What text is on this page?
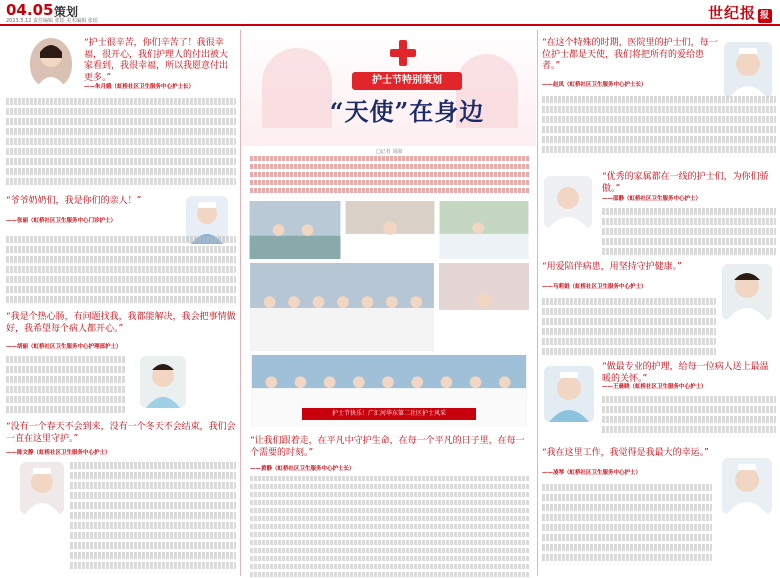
04.05 策划
2023.5.12 责任编辑 张瑶 美术编辑 张瑶	世纪报 报
“护士很辛苦，你们辛苦了！我很幸福，很开心，我们护理人的付出被大家看到，我很幸福，所以我愿意付出更多。”
——朱月娥（虹桥社区卫生服务中心护士长）
“爷爷奶奶们，我是你们的亲人！”
——张丽（虹桥社区卫生服务中心门诊护士）
“我是个热心肠，有问题找我，我都能解决，我会把事情做好，我希望每个病人都开心。”
——胡丽（虹桥社区卫生服务中心护理部护士）
“没有一个春天不会到来，没有一个冬天不会结束，我们会一直在这里守护。”
——陈文静（虹桥社区卫生服务中心护士）
护士节特别策划
“天使”在身边
□记者 刘淑
护士节快乐！广汇河华东第二社区护士风采
“让我们跟着走，在平凡中守护生命，在每一个平凡的日子里，在每一个需要的时刻。”
——黄静（虹桥社区卫生服务中心护士长）
“在这个特殊的时期，医院里的护士们，每一位护士都是天使，我们将把所有的爱给患者。”
——赵凤（虹桥社区卫生服务中心护士长）
“优秀的家属都在一线的护士们，为你们骄傲。”
——邵静（虹桥社区卫生服务中心护士）
“用爱陪伴病患，用坚持守护健康。”
——马莉娟（虹桥社区卫生服务中心护士）
“做最专业的护理，给每一位病人送上最温暖的关怀。”
——王晨晓（虹桥社区卫生服务中心护士）
“我在这里工作，我觉得是我最大的幸运。”
——凌琴（虹桥社区卫生服务中心护士）
